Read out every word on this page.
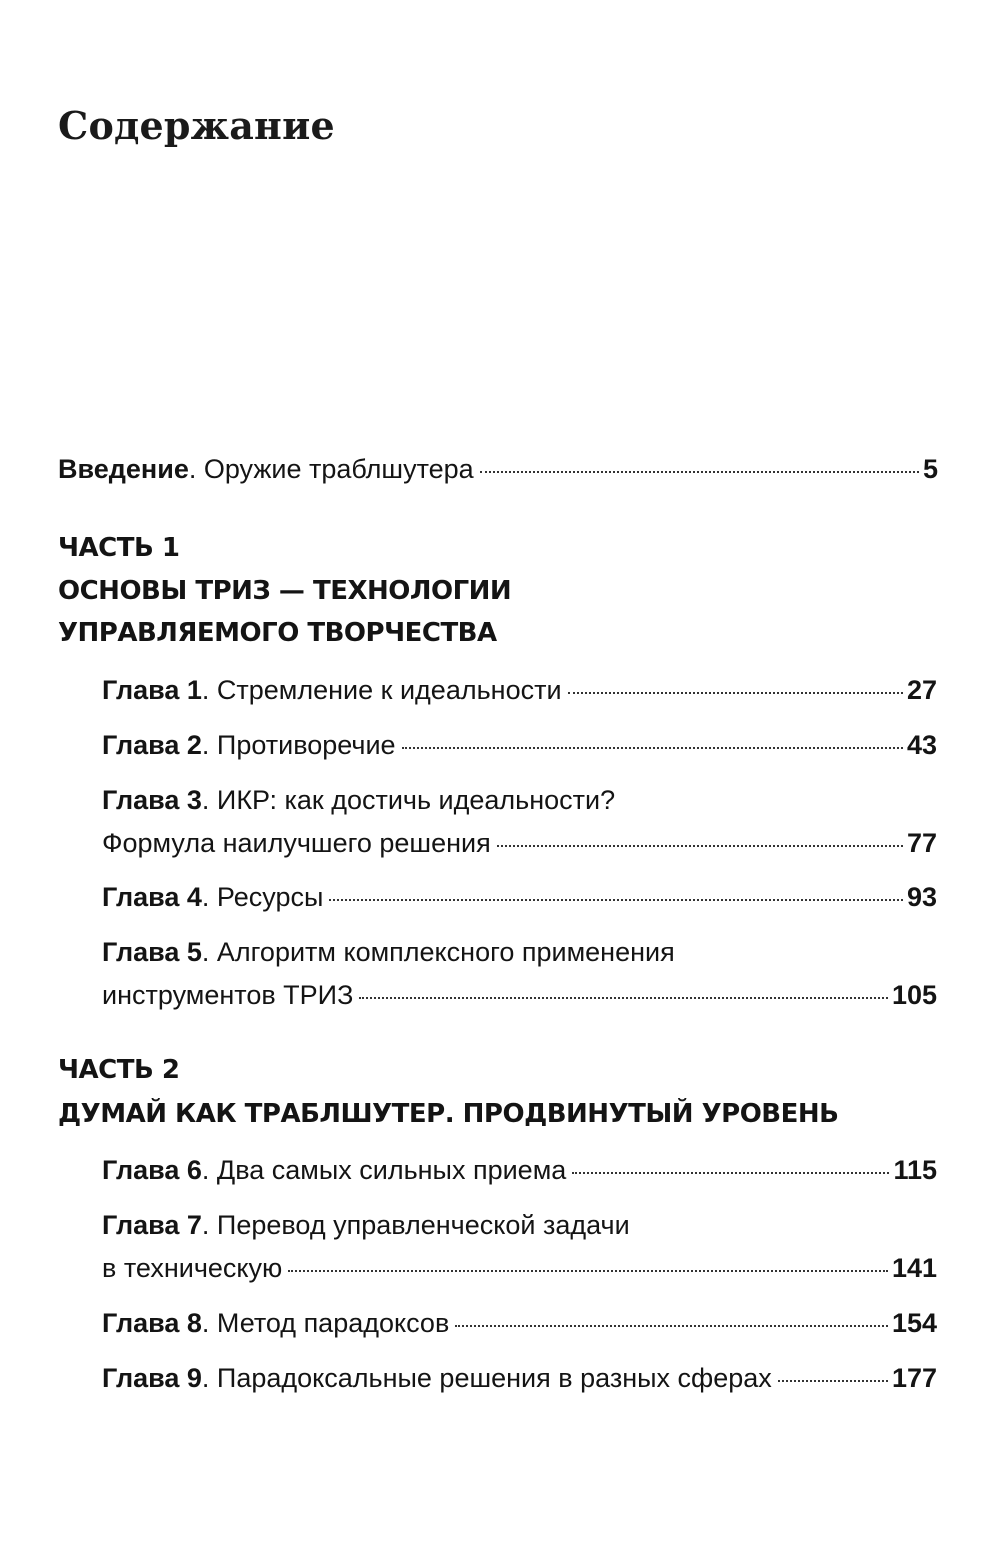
Содержание
Введение . Оружие траблшутера	5
ЧАСТЬ 1
ОСНОВЫ ТРИЗ — ТЕХНОЛОГИИ
УПРАВЛЯЕМОГО ТВОРЧЕСТВА
Глава 1 . Стремление к идеальности	27
Глава 2 . Противоречие	43
Глава 3. ИКР: как достичь идеальности?
Формула наилучшего решения	77
Глава 4 . Ресурсы	93
Глава 5. Алгоритм комплексного применения
инструментов ТРИЗ	105
ЧАСТЬ 2
ДУМАЙ КАК ТРАБЛШУТЕР. ПРОДВИНУТЫЙ УРОВЕНЬ
Глава 6 . Два самых сильных приема	115
Глава 7. Перевод управленческой задачи
в техническую	141
Глава 8 . Метод парадоксов	154
Глава 9 . Парадоксальные решения в разных сферах	177
